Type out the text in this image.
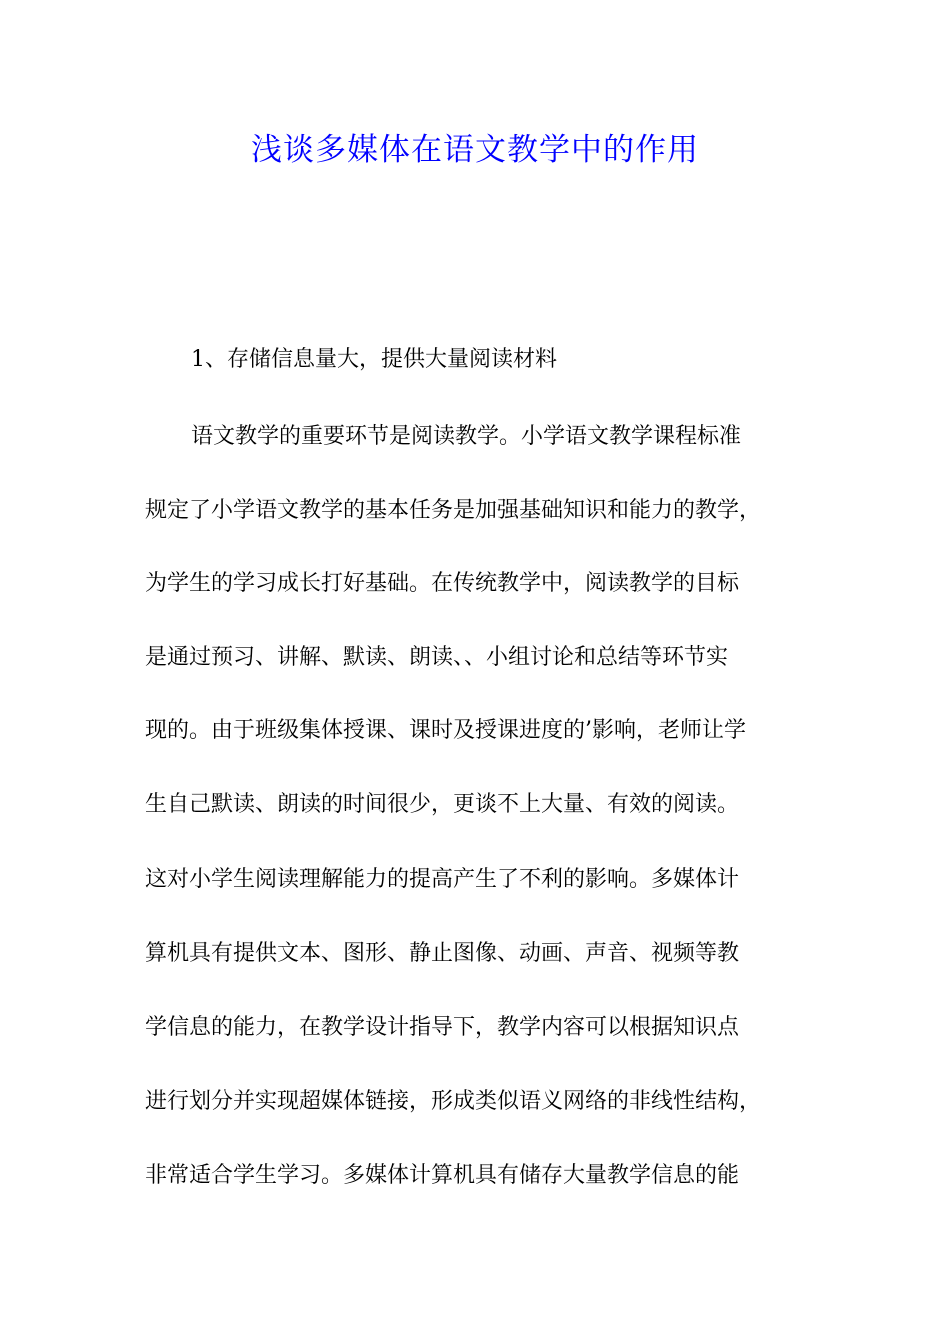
浅谈多媒体在语文教学中的作用

1、存储信息量大，提供大量阅读材料

语文教学的重要环节是阅读教学。小学语文教学课程标准

规定了小学语文教学的基本任务是加强基础知识和能力的教学，

为学生的学习成长打好基础。在传统教学中，阅读教学的目标

是通过预习、讲解、默读、朗读、、小组讨论和总结等环节实

现的。由于班级集体授课、课时及授课进度的’影响，老师让学

生自己默读、朗读的时间很少，更谈不上大量、有效的阅读。

这对小学生阅读理解能力的提高产生了不利的影响。多媒体计

算机具有提供文本、图形、静止图像、动画、声音、视频等教

学信息的能力，在教学设计指导下，教学内容可以根据知识点

进行划分并实现超媒体链接，形成类似语义网络的非线性结构，

非常适合学生学习。多媒体计算机具有储存大量教学信息的能
